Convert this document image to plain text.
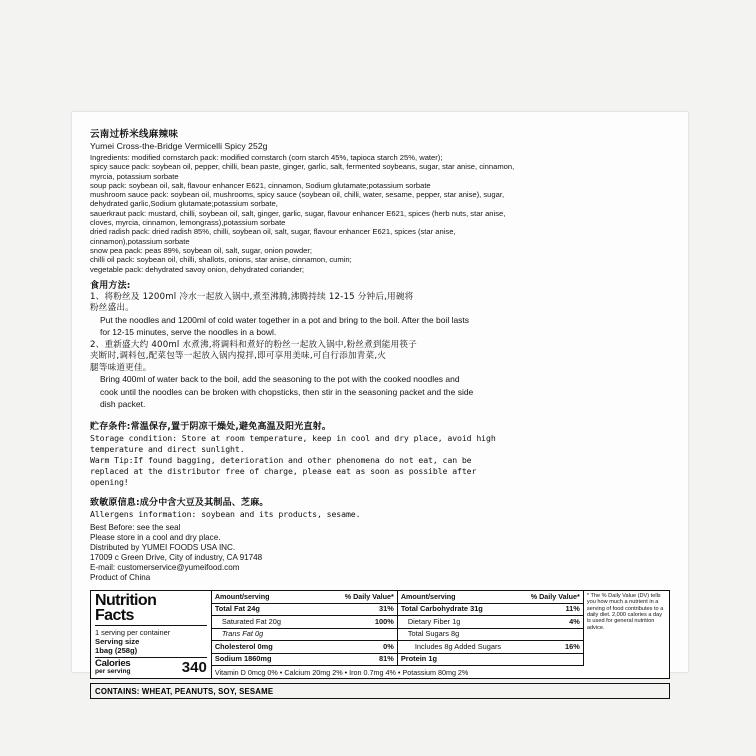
云南过桥米线麻辣味
Yumei Cross-the-Bridge Vermicelli Spicy 252g

Ingredients: modified cornstarch pack: modified cornstarch (corn starch 45%, tapioca starch 25%, water);

spicy sauce pack: soybean oil, pepper, chilli, bean paste, ginger, garlic, salt, fermented soybeans, sugar, star anise, cinnamon,

myrcia, potassium sorbate

soup pack: soybean oil, salt, flavour enhancer E621, cinnamon, Sodium glutamate;potassium sorbate

mushroom sauce pack: soybean oil, mushrooms, spicy sauce (soybean oil, chilli, water, sesame, pepper, star anise), sugar,

dehydrated garlic,Sodium glutamate;potassium sorbate,

sauerkraut pack: mustard, chilli, soybean oil, salt, ginger, garlic, sugar, flavour enhancer E621, spices (herb nuts, star anise,

cloves, myrcia, cinnamon, lemongrass),potassium sorbate

dried radish pack: dried radish 85%, chilli, soybean oil, salt, sugar, flavour enhancer E621, spices (star anise,

cinnamon),potassium sorbate

snow pea pack: peas 89%, soybean oil, salt, sugar, onion powder;

chilli oil pack: soybean oil, chilli, shallots, onions, star anise, cinnamon, cumin;

vegetable pack: dehydrated savoy onion, dehydrated coriander;

食用方法:
1、将粉丝及 1200ml 冷水一起放入锅中,煮至沸腾,沸腾持续 12-15 分钟后,用碗将
粉丝盛出。
Put the noodles and 1200ml of cold water together in a pot and bring to the boil. After the boil lasts
for 12-15 minutes, serve the noodles in a bowl.
2、重新盛大约 400ml 水煮沸,将调料和煮好的粉丝一起放入锅中,粉丝煮到能用筷子
夹断时,调料包,配菜包等一起放入锅内搅拌,即可享用美味,可自行添加青菜,火
腿等味道更佳。
Bring 400ml of water back to the boil, add the seasoning to the pot with the cooked noodles and
cook until the noodles can be broken with chopsticks, then stir in the seasoning packet and the side
dish packet.
贮存条件:常温保存,置于阴凉干燥处,避免高温及阳光直射。
Storage condition: Store at room temperature, keep in cool and dry place, avoid high
temperature and direct sunlight.
Warm Tip:If found bagging, deterioration and other phenomena do not eat, can be
replaced at the distributor free of charge, please eat as soon as possible after
opening!
致敏原信息:成分中含大豆及其制品、芝麻。
Allergens information: soybean and its products, sesame.
Best Before: see the seal
Please store in a cool and dry place.
Distributed by YUMEI FOODS USA INC.
17009 c Green Drive, City of industry, CA 91748
E-mail: customerservice@yumeifood.com
Product of China
Nutrition
Facts
1 serving per container
Serving size
1bag (258g)
Calories
per serving	340
Amount/serving	% Daily Value*
Total Fat 24g	31%
Saturated Fat 20g	100%
Trans Fat 0g
Cholesterol 0mg	0%
Sodium 1860mg	81%
Amount/serving	% Daily Value*
Total Carbohydrate 31g	11%
Dietary Fiber 1g	4%
Total Sugars 8g
Includes 8g Added Sugars	16%
Protein 1g
Vitamin D 0mcg 0% • Calcium 20mg 2% • Iron 0.7mg 4% • Potassium 80mg 2%
* The % Daily Value (DV) tells you how much a nutrient in a serving of food contributes to a daily diet. 2,000 calories a day is used for general nutrition advice.
CONTAINS: WHEAT, PEANUTS, SOY, SESAME
